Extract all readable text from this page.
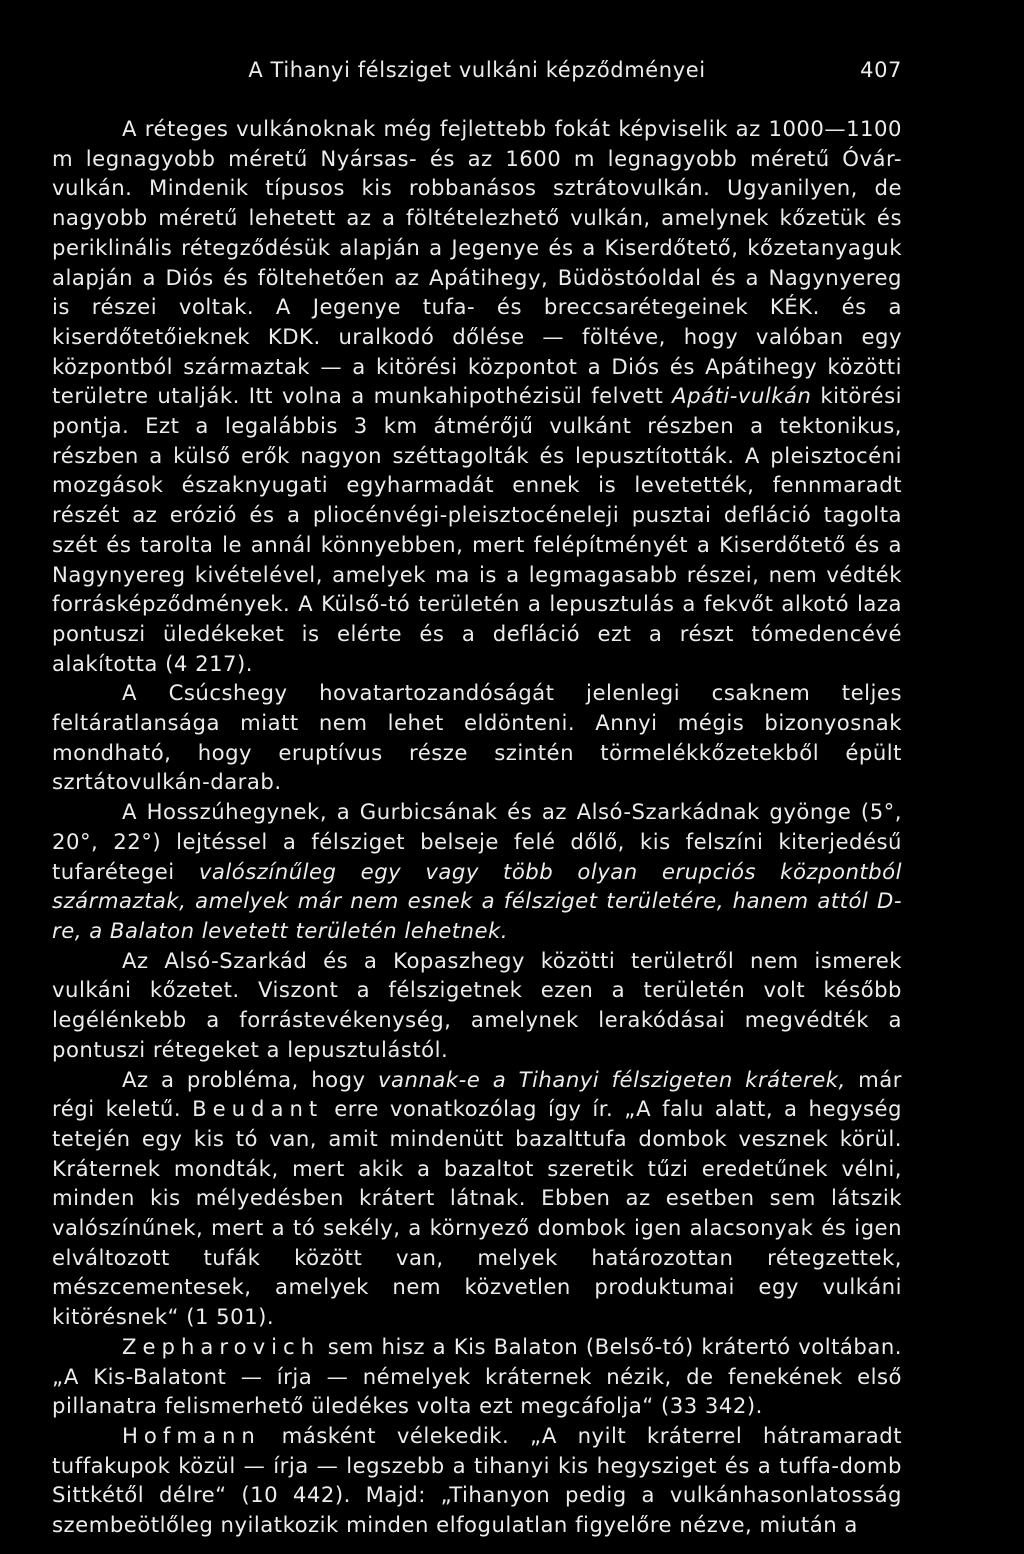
A Tihanyi félsziget vulkáni képződményei	407

A réteges vulkánoknak még fejlettebb fokát képviselik az 1000—1100 m legnagyobb méretű Nyársas- és az 1600 m legnagyobb méretű Óvár-vulkán. Mindenik típusos kis robbanásos sztrátovulkán. Ugyanilyen, de nagyobb méretű lehetett az a föltételezhető vulkán, amelynek kőzetük és periklinális rétegződésük alapján a Jegenye és a Kiserdőtető, kőzetanyaguk alapján a Diós és föltehetően az Apátihegy, Büdöstóoldal és a Nagynyereg is részei voltak. A Jegenye tufa- és breccsarétegeinek KÉK. és a kiserdőtetőieknek KDK. uralkodó dőlése — föltéve, hogy valóban egy központból származtak — a kitörési központot a Diós és Apátihegy közötti területre utalják. Itt volna a munkahipothézisül felvett Apáti-vulkán kitörési pontja. Ezt a legalábbis 3 km átmérőjű vulkánt részben a tektonikus, részben a külső erők nagyon széttagolták és lepusztították. A pleisztocéni mozgások északnyugati egyharmadát ennek is levetették, fennmaradt részét az erózió és a pliocénvégi-pleisztocéneleji pusztai defláció tagolta szét és tarolta le annál könnyebben, mert felépítményét a Kiserdőtető és a Nagynyereg kivételével, amelyek ma is a legmagasabb részei, nem védték forrásképződmények. A Külső-tó területén a lepusztulás a fekvőt alkotó laza pontuszi üledékeket is elérte és a defláció ezt a részt tómedencévé alakította (4 217).

A Csúcshegy hovatartozandóságát jelenlegi csaknem teljes feltáratlansága miatt nem lehet eldönteni. Annyi mégis bizonyosnak mondható, hogy eruptívus része szintén törmelékkőzetekből épült szrtátovulkán-darab.

A Hosszúhegynek, a Gurbicsának és az Alsó-Szarkádnak gyönge (5°, 20°, 22°) lejtéssel a félsziget belseje felé dőlő, kis felszíni kiterjedésű tufarétegei valószínűleg egy vagy több olyan erupciós központból származtak, amelyek már nem esnek a félsziget területére, hanem attól D-re, a Balaton levetett területén lehetnek.

Az Alsó-Szarkád és a Kopaszhegy közötti területről nem ismerek vulkáni kőzetet. Viszont a félszigetnek ezen a területén volt később legélénkebb a forrástevékenység, amelynek lerakódásai megvédték a pontuszi rétegeket a lepusztulástól.

Az a probléma, hogy vannak-e a Tihanyi félszigeten kráterek, már régi keletű. Beudant erre vonatkozólag így ír. „A falu alatt, a hegység tetején egy kis tó van, amit mindenütt bazalttufa dombok vesznek körül. Kráternek mondták, mert akik a bazaltot szeretik tűzi eredetűnek vélni, minden kis mélyedésben krátert látnak. Ebben az esetben sem látszik valószínűnek, mert a tó sekély, a környező dombok igen alacsonyak és igen elváltozott tufák között van, melyek határozottan rétegzettek, mészcementesek, amelyek nem közvetlen produktumai egy vulkáni kitörésnek“ (1 501).

Zepharovich sem hisz a Kis Balaton (Belső-tó) krátertó voltában. „A Kis-Balatont — írja — némelyek kráternek nézik, de fenekének első pillanatra felismerhető üledékes volta ezt megcáfolja“ (33 342).

Hofmann másként vélekedik. „A nyilt kráterrel hátramaradt tuffakupok közül — írja — legszebb a tihanyi kis hegysziget és a tuffa-domb Sittkétől délre“ (10 442). Majd: „Tihanyon pedig a vulkánhasonlatosság szembeötlőleg nyilatkozik minden elfogulatlan figyelőre nézve, miután a
